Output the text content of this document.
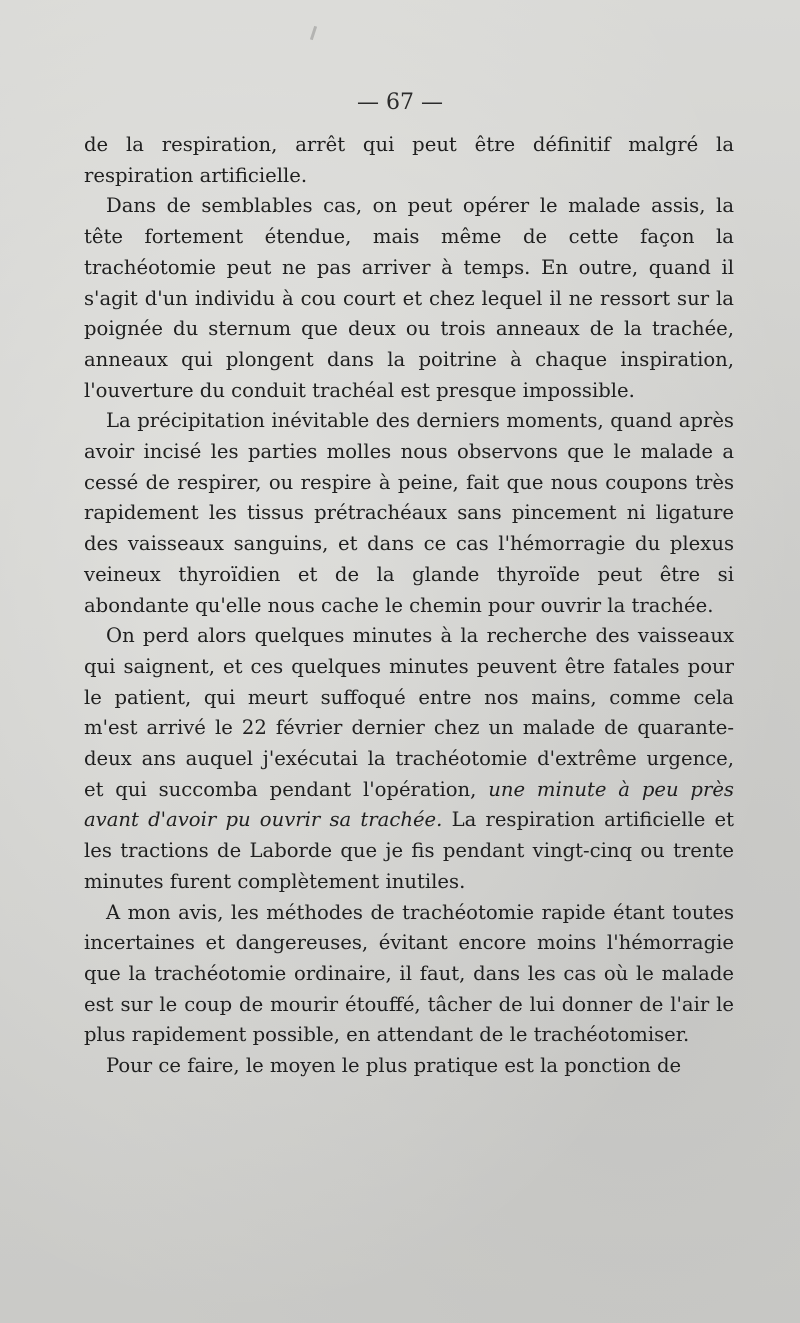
— 67 —

de la respiration, arrêt qui peut être définitif malgré la respiration artificielle.

Dans de semblables cas, on peut opérer le malade assis, la tête fortement étendue, mais même de cette façon la trachéotomie peut ne pas arriver à temps. En outre, quand il s'agit d'un individu à cou court et chez lequel il ne ressort sur la poignée du sternum que deux ou trois anneaux de la trachée, anneaux qui plongent dans la poitrine à chaque inspiration, l'ouverture du conduit trachéal est presque impossible.

La précipitation inévitable des derniers moments, quand après avoir incisé les parties molles nous observons que le malade a cessé de respirer, ou respire à peine, fait que nous coupons très rapidement les tissus prétrachéaux sans pincement ni ligature des vaisseaux sanguins, et dans ce cas l'hémorragie du plexus veineux thyroïdien et de la glande thyroïde peut être si abondante qu'elle nous cache le chemin pour ouvrir la trachée.

On perd alors quelques minutes à la recherche des vaisseaux qui saignent, et ces quelques minutes peuvent être fatales pour le patient, qui meurt suffoqué entre nos mains, comme cela m'est arrivé le 22 février dernier chez un malade de quarante-deux ans auquel j'exécutai la trachéotomie d'extrême urgence, et qui succomba pendant l'opération, une minute à peu près avant d'avoir pu ouvrir sa trachée. La respiration artificielle et les tractions de Laborde que je fis pendant vingt-cinq ou trente minutes furent complètement inutiles.

A mon avis, les méthodes de trachéotomie rapide étant toutes incertaines et dangereuses, évitant encore moins l'hémorragie que la trachéotomie ordinaire, il faut, dans les cas où le malade est sur le coup de mourir étouffé, tâcher de lui donner de l'air le plus rapidement possible, en attendant de le trachéotomiser.

Pour ce faire, le moyen le plus pratique est la ponction de
